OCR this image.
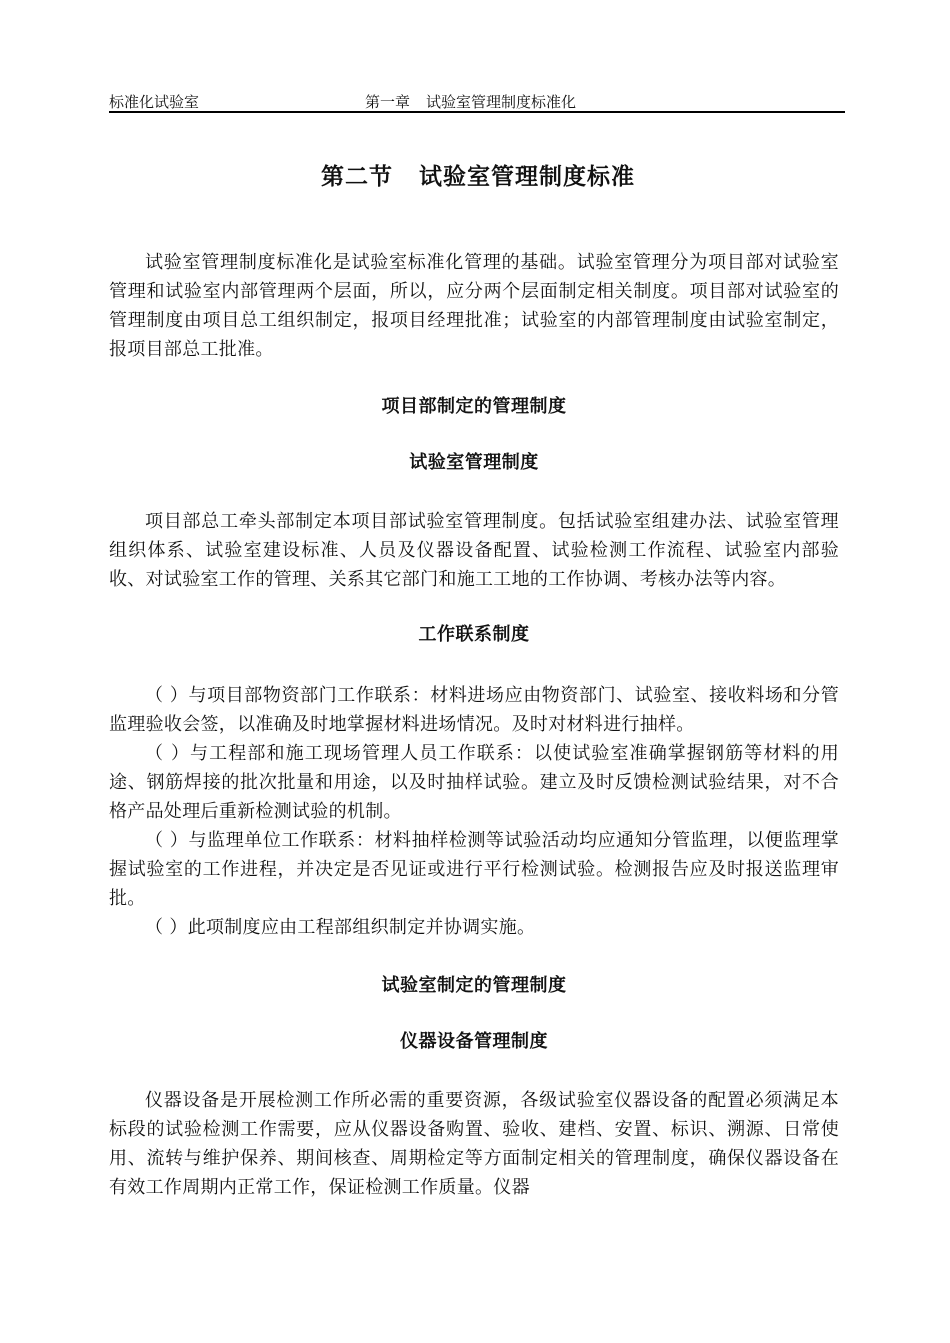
标准化试验室	第一章 试验室管理制度标准化
第二节 试验室管理制度标准

试验室管理制度标准化是试验室标准化管理的基础。试验室管理分为项目部对试验室管理和试验室内部管理两个层面，所以，应分两个层面制定相关制度。项目部对试验室的管理制度由项目总工组织制定，报项目经理批准；试验室的内部管理制度由试验室制定，报项目部总工批准。

项目部制定的管理制度
试验室管理制度

项目部总工牵头部制定本项目部试验室管理制度。包括试验室组建办法、试验室管理组织体系、试验室建设标准、人员及仪器设备配置、试验检测工作流程、试验室内部验收、对试验室工作的管理、关系其它部门和施工工地的工作协调、考核办法等内容。

工作联系制度

（ ）与项目部物资部门工作联系：材料进场应由物资部门、试验室、接收料场和分管监理验收会签，以准确及时地掌握材料进场情况。及时对材料进行抽样。

（ ）与工程部和施工现场管理人员工作联系：以使试验室准确掌握钢筋等材料的用途、钢筋焊接的批次批量和用途，以及时抽样试验。建立及时反馈检测试验结果，对不合格产品处理后重新检测试验的机制。

（ ）与监理单位工作联系：材料抽样检测等试验活动均应通知分管监理，以便监理掌握试验室的工作进程，并决定是否见证或进行平行检测试验。检测报告应及时报送监理审批。

（ ）此项制度应由工程部组织制定并协调实施。

试验室制定的管理制度
仪器设备管理制度

仪器设备是开展检测工作所必需的重要资源，各级试验室仪器设备的配置必须满足本标段的试验检测工作需要，应从仪器设备购置、验收、建档、安置、标识、溯源、日常使用、流转与维护保养、期间核查、周期检定等方面制定相关的管理制度，确保仪器设备在有效工作周期内正常工作，保证检测工作质量。仪器
